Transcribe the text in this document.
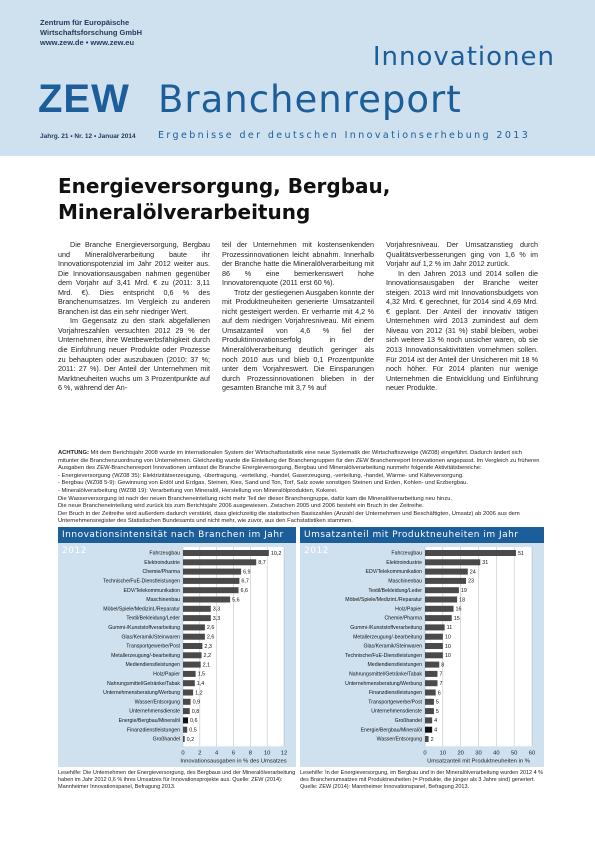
Zentrum für Europäische
Wirtschaftsforschung GmbH

www.zew.de • www.zew.eu
ZEW
Innovationen
Branchenreport
Jahrg. 21 • Nr. 12 • Januar 2014 Ergebnisse der deutschen Innovationserhebung 2013
Energieversorgung, Bergbau,
Mineralölverarbeitung

Die Branche Energieversorgung, Bergbau und Mineralölverarbeitung baute ihr Innovationspotenzial im Jahr 2012 weiter aus. Die Innovationsausgaben nahmen gegenüber dem Vorjahr auf 3,41 Mrd. € zu (2011: 3,11 Mrd. €). Dies entspricht 0,6 % des Branchenumsatzes. Im Vergleich zu anderen Branchen ist das ein sehr niedriger Wert.

Im Gegensatz zu den stark abgefallenen Vorjahreszahlen versuchten 2012 29 % der Unternehmen, ihre Wettbewerbsfähigkeit durch die Einführung neuer Produkte oder Prozesse zu behaupten oder auszubauen (2010: 37 %; 2011: 27 %). Der Anteil der Unternehmen mit Marktneuheiten wuchs um 3 Prozentpunkte auf 6 %, während der An-

teil der Unternehmen mit kostensenkenden Prozessinnovationen leicht abnahm. Innerhalb der Branche hatte die Mineralölverarbeitung mit 86 % eine bemerkenswert hohe Innovatorenquote (2011 erst 60 %).

Trotz der gestiegenen Ausgaben konnte der mit Produktneuheiten generierte Umsatzanteil nicht gesteigert werden. Er verharrte mit 4,2 % auf dem niedrigen Vorjahresniveau. Mit einem Umsatzanteil von 4,6 % fiel der Produktinnovationserfolg in der Mineralölverarbeitung deutlich geringer als noch 2010 aus und blieb 0,1 Prozentpunkte unter dem Vorjahreswert. Die Einsparungen durch Prozessinnovationen blieben in der gesamten Branche mit 3,7 % auf

Vorjahresniveau. Der Umsatzanstieg durch Qualitätsverbesserungen ging von 1,6 % im Vorjahr auf 1,2 % im Jahr 2012 zurück.

In den Jahren 2013 und 2014 sollen die Innovationsausgaben der Branche weiter steigen. 2013 wird mit Innovationsbudgets von 4,32 Mrd. € gerechnet, für 2014 sind 4,69 Mrd. € geplant. Der Anteil der innovativ tätigen Unternehmen wird 2013 zumindest auf dem Niveau von 2012 (31 %) stabil bleiben, wobei sich weitere 13 % noch unsicher waren, ob sie 2013 Innovationsaktivitäten vornehmen sollen. Für 2014 ist der Anteil der Unsicheren mit 18 % noch höher. Für 2014 planten nur wenige Unternehmen die Entwicklung und Einführung neuer Produkte.

ACHTUNG: Mit dem Berichtsjahr 2008 wurde im internationalen System der Wirtschaftsstatistik eine neue Systematik der Wirtschaftszweige (WZ08) eingeführt. Dadurch ändert sich mitunter die Branchenzuordnung von Unternehmen. Gleichzeitig wurde die Einteilung der Branchengruppen für den ZEW Branchenreport Innovationen angepasst. Im Vergleich zu früheren Ausgaben des ZEW-Branchenreport Innovationen umfasst die Branche Energieversorgung, Bergbau und Mineralölverarbeitung nunmehr folgende Aktivitätsbereiche:
- Energieversorgung (WZ08 35): Elektrizitätserzeugung, -übertragung, -verteilung, -handel, Gaserzeugung, -verteilung, -handel, Wärme- und Kälteversorgung.
- Bergbau (WZ08 5-9): Gewinnung von Erdöl und Erdgas, Steinen, Kies, Sand und Ton, Torf, Salz sowie sonstigen Steinen und Erden, Kohlen- und Erzbergbau.
- Mineralölverarbeitung (WZ08 19): Verarbeitung von Mineralöl, Herstellung von Mineralölprodukten, Kokerei.
Die Wasserversorgung ist nach der neuen Brancheneinteilung nicht mehr Teil der dieser Branchengruppe, dafür kam die Mineralölverarbeitung neu hinzu.
Die neue Brancheneinteilung wird zurück bis zum Berichtsjahr 2006 ausgewiesen. Zwischen 2005 und 2006 besteht ein Bruch in der Zeitreihe.
Der Bruch in der Zeitreihe wird außerdem dadurch verstärkt, dass gleichzeitig die statistischen Basiszahlen (Anzahl der Unternehmen und Beschäftigten, Umsatz) ab 2006 aus dem Unternehmensregister des Statistischen Bundesamts und nicht mehr, wie zuvor, aus den Fachstatistiken stammen.
Innovationsintensität nach Branchen im Jahr 2012
0 2 4 6 8 10 12
Fahrzeugbau	10,2
Elektroindustrie	8,7
Chemie/Pharma	6,9
Technische/FuE-Dienstleistungen	6,7
EDV/Telekommunikation	6,6
Maschinenbau	5,6
Möbel/Spiele/Medizint./Reparatur	3,3
Textil/Bekleidung/Leder	3,3
Gummi-/Kunststoffverarbeitung	2,6
Glas/Keramik/Steinwaren	2,6
Transportgewerbe/Post	2,3
Metallerzeugung/-bearbeitung	2,2
Mediendienstleistungen	2,1
Holz/Papier	1,5
Nahrungsmittel/Getränke/Tabak	1,4
Unternehmensberatung/Werbung	1,2
Wasser/Entsorgung 0,9
Unternehmensdienste 0,8
Energie/Bergbau/Mineralöl 0,6
Finanzdienstleistungen 0,5
Großhandel 0,2
Innovationsausgaben in % des Umsatzes
Umsatzanteil mit Produktneuheiten im Jahr 2012
0 10 20 30 40 50 60
Fahrzeugbau	51
Elektroindustrie	31
EDV/Telekommunikation	24
Maschinenbau	23
Textil/Bekleidung/Leder	19
Möbel/Spiele/Medizint./Reparatur	18
Holz/Papier	16
Chemie/Pharma	15
Gummi-/Kunststoffverarbeitung	11
Metallerzeugung/-bearbeitung	10
Glas/Keramik/Steinwaren	10
Technische/FuE-Dienstleistungen	10
Mediendienstleistungen	8
Nahrungsmittel/Getränke/Tabak	7
Unternehmensberatung/Werbung	7
Finanzdienstleistungen	6
Transportgewerbe/Post	5
Unternehmensdienste	5
Großhandel 4
Energie/Bergbau/Mineralöl 4
Wasser/Entsorgung 2
Umsatzanteil mit Produktneuheiten in %
Lesehilfe: Die Unternehmen der Energieversorgung, des Bergbaus und der Mineralölverarbeitung haben im Jahr 2012 0,6 % ihres Umsatzes für Innovationsprojekte aus. Quelle: ZEW (2014): Mannheimer Innovationspanel, Befragung 2013.
Lesehilfe: In der Energieversorgung, im Bergbau und in der Mineralölverarbeitung wurden 2012 4 % des Branchenumsatzes mit Produktneuheiten (= Produkte, die jünger als 3 Jahre sind) generiert. Quelle: ZEW (2014): Mannheimer Innovationspanel, Befragung 2013.
